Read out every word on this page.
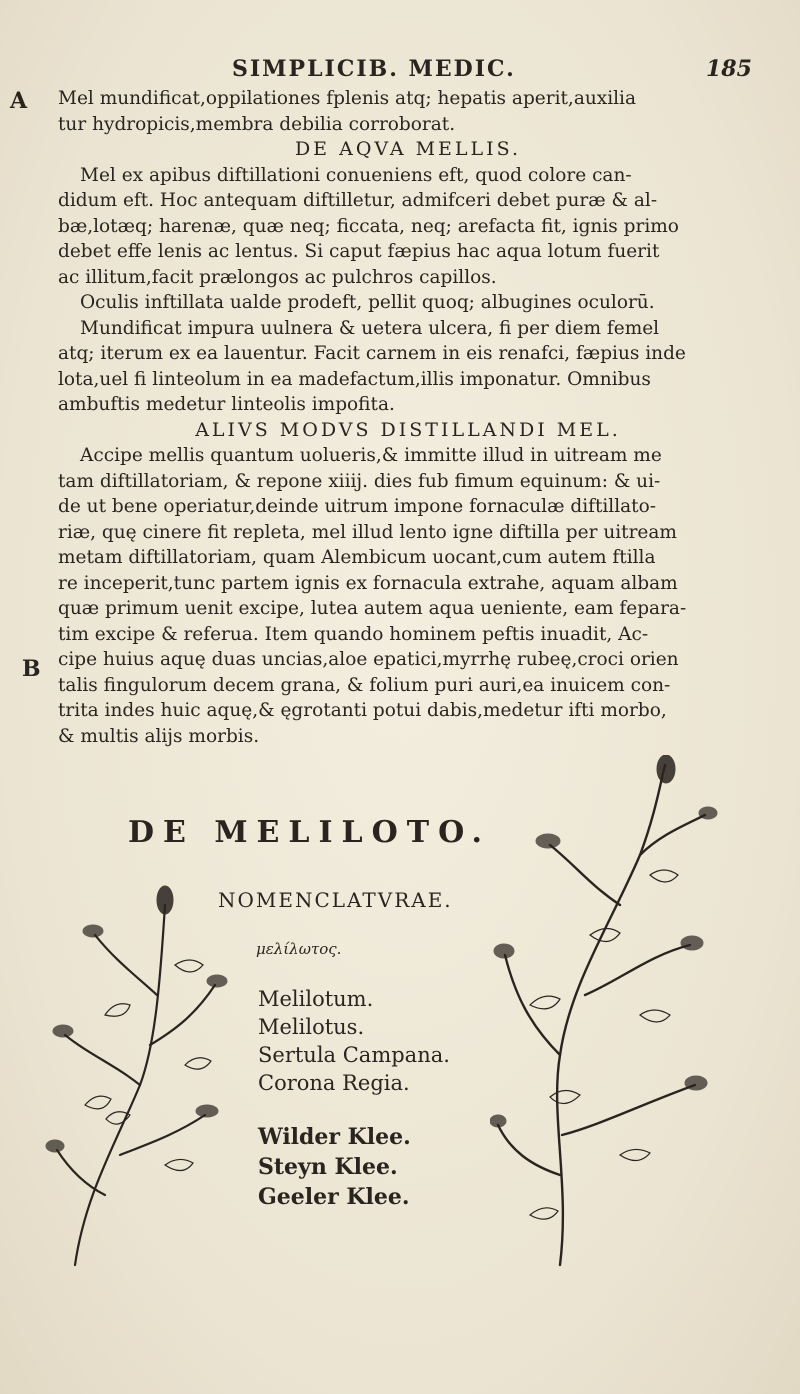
SIMPLICIB. MEDIC.	185
A
B
Mel mundificat,oppilationes fplenis atq; hepatis aperit,auxilia
tur hydropicis,membra debilia corroborat.
DE AQVA MELLIS.
Mel ex apibus diftillationi conueniens eft, quod colore can-
didum eft. Hoc antequam diftilletur, admifceri debet puræ & al-
bæ,lotæq; harenæ, quæ neq; ficcata, neq; arefacta fit, ignis primo
debet effe lenis ac lentus. Si caput fæpius hac aqua lotum fuerit
ac illitum,facit prælongos ac pulchros capillos.
Oculis inftillata ualde prodeft, pellit quoq; albugines oculorū.
Mundificat impura uulnera & uetera ulcera, fi per diem femel
atq; iterum ex ea lauentur. Facit carnem in eis renafci, fæpius inde
lota,uel fi linteolum in ea madefactum,illis imponatur. Omnibus
ambuftis medetur linteolis impofita.
ALIVS MODVS DISTILLANDI MEL.
Accipe mellis quantum uolueris,& immitte illud in uitream me
tam diftillatoriam, & repone xiiij. dies fub fimum equinum: & ui-
de ut bene operiatur,deinde uitrum impone fornaculæ diftillato-
riæ, quę cinere fit repleta, mel illud lento igne diftilla per uitream
metam diftillatoriam, quam Alembicum uocant,cum autem ftilla
re inceperit,tunc partem ignis ex fornacula extrahe, aquam albam
quæ primum uenit excipe, lutea autem aqua ueniente, eam fepara-
tim excipe & referua. Item quando hominem peftis inuadit, Ac-
cipe huius aquę duas uncias,aloe epatici,myrrhę rubeę,croci orien
talis fingulorum decem grana, & folium puri auri,ea inuicem con-
trita indes huic aquę,& ęgrotanti potui dabis,medetur ifti morbo,
& multis alijs morbis.
DE MELILOTO.
NOMENCLATVRAE.
μελίλωτος.
Melilotum.
Melilotus.
Sertula Campana.
Corona Regia.
Wilder Klee.
Steyn Klee.
Geeler Klee.
